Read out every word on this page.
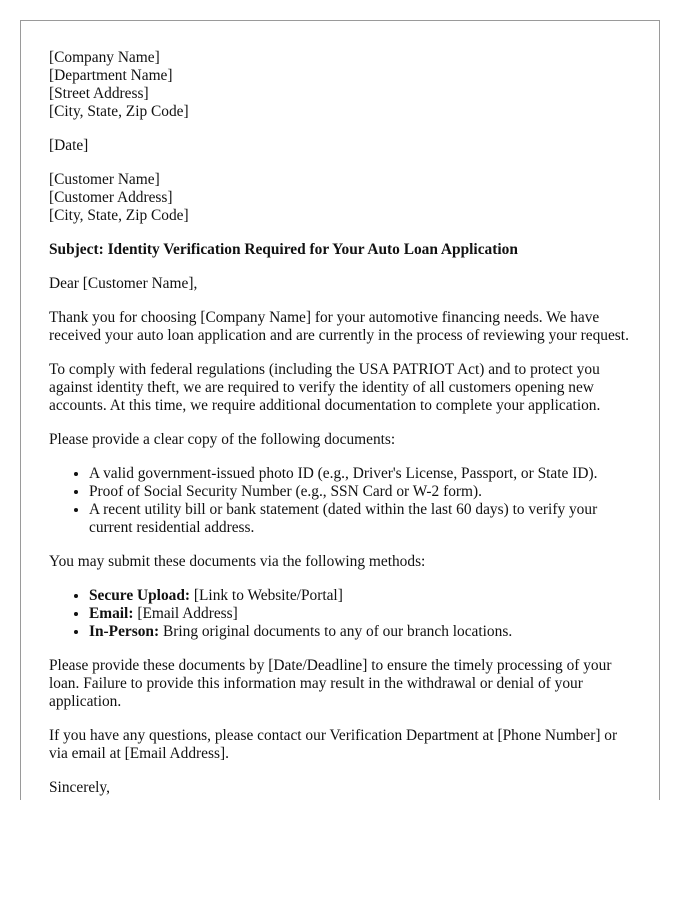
[Company Name]
[Department Name]
[Street Address]
[City, State, Zip Code]

[Date]

[Customer Name]
[Customer Address]
[City, State, Zip Code]

Subject: Identity Verification Required for Your Auto Loan Application

Dear [Customer Name],

Thank you for choosing [Company Name] for your automotive financing needs. We have received your auto loan application and are currently in the process of reviewing your request.

To comply with federal regulations (including the USA PATRIOT Act) and to protect you against identity theft, we are required to verify the identity of all customers opening new accounts. At this time, we require additional documentation to complete your application.

Please provide a clear copy of the following documents:

• A valid government-issued photo ID (e.g., Driver's License, Passport, or State ID).
• Proof of Social Security Number (e.g., SSN Card or W-2 form).
• A recent utility bill or bank statement (dated within the last 60 days) to verify your current residential address.

You may submit these documents via the following methods:

• Secure Upload: [Link to Website/Portal]
• Email: [Email Address]
• In-Person: Bring original documents to any of our branch locations.

Please provide these documents by [Date/Deadline] to ensure the timely processing of your loan. Failure to provide this information may result in the withdrawal or denial of your application.

If you have any questions, please contact our Verification Department at [Phone Number] or via email at [Email Address].

Sincerely,
